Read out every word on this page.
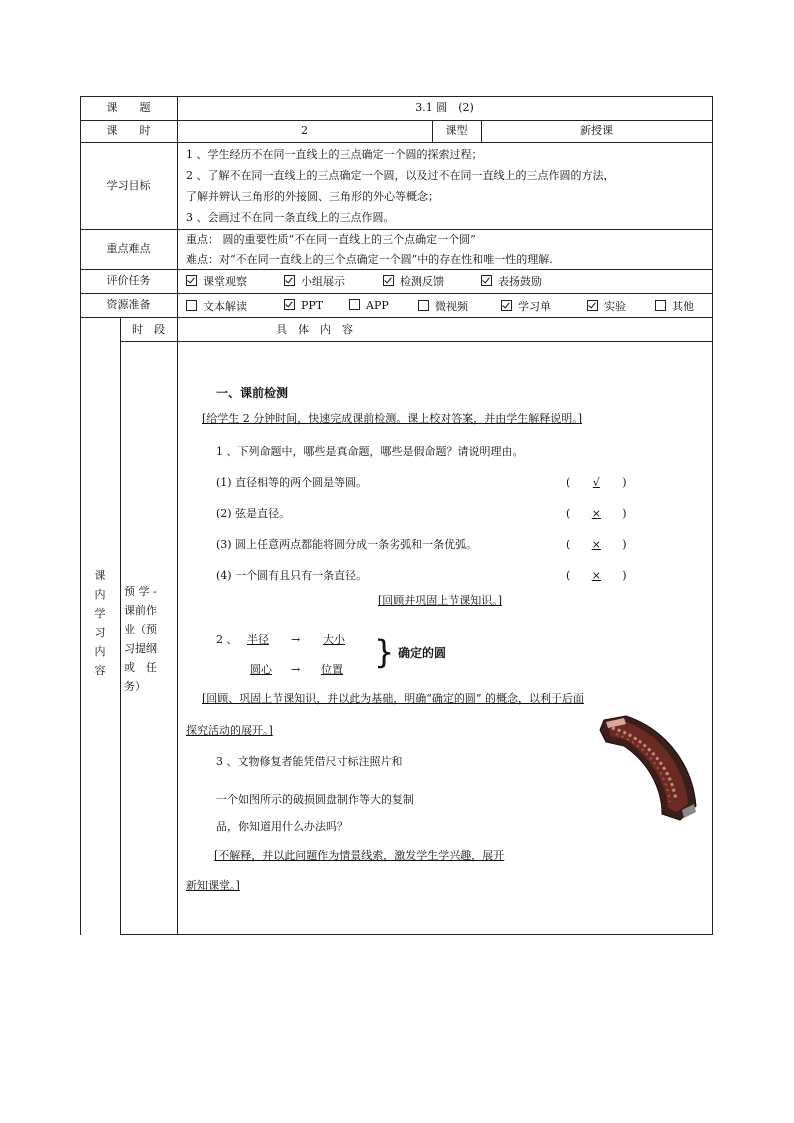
课　　题	3.1 圆　(2)
课　　时	2	课型	新授课
学习目标
1 、学生经历不在同一直线上的三点确定一个圆的探索过程；
2 、了解不在同一直线上的三点确定一个圆，以及过不在同一直线上的三点作圆的方法，
了解并辨认三角形的外接圆、三角形的外心等概念；
3 、会画过不在同一条直线上的三点作圆。
重点难点
重点： 圆的重要性质“不在同一直线上的三个点确定一个圆”
难点：对“不在同一直线上的三个点确定一个圆”中的存在性和唯一性的理解.
评价任务	课堂观察	小组展示	检测反馈	表扬鼓励
资源准备	文本解读	PPT	APP	微视频	学习单	实验	其他
时　段	具　体　内　容
课
内
学
习
内
容
预 学 -
课前作
业（预
习提纲
或　任
务）
一、课前检测
[给学生 2 分钟时间，快速完成课前检测。课上校对答案，并由学生解释说明。]
1 、下列命题中，哪些是真命题，哪些是假命题？请说明理由。
(1) 直径相等的两个圆是等圆。	(　√　)
(2) 弦是直径。	(　×　)
(3) 圆上任意两点都能将圆分成一条劣弧和一条优弧。	(　×　)
(4) 一个圆有且只有一条直径。	(　×　)
[回顾并巩固上节课知识。]
2 、 半径	→	大小
圆心	→	位置 } 确定的圆
[回顾、巩固上节课知识，并以此为基础，明确“确定的圆” 的概念，以利于后面
探究活动的展开。]
3 、文物修复者能凭借尺寸标注照片和
一个如图所示的破损圆盘制作等大的复制
品，你知道用什么办法吗？
[不解释，并以此问题作为情景线索，激发学生学兴趣，展开
新知课堂。]
